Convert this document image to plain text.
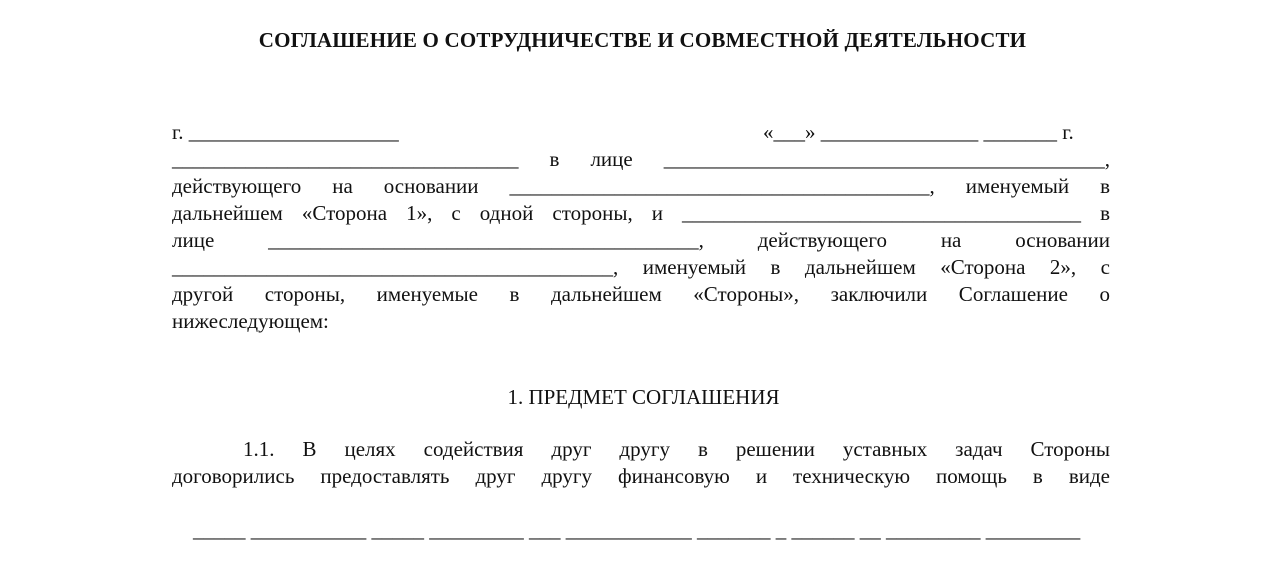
СОГЛАШЕНИЕ О СОТРУДНИЧЕСТВЕ И СОВМЕСТНОЙ ДЕЯТЕЛЬНОСТИ
г. ____________________	«___» _______________ _______ г.
_________________________________ в лице __________________________________________,
действующего на основании ________________________________________, именуемый в
дальнейшем «Сторона 1», с одной стороны, и ______________________________________ в
лице _________________________________________, действующего на основании
__________________________________________, именуемый в дальнейшем «Сторона 2», с
другой стороны, именуемые в дальнейшем «Стороны», заключили Соглашение о
нижеследующем:
1. ПРЕДМЕТ СОГЛАШЕНИЯ
1.1. В целях содействия друг другу в решении уставных задач Стороны
договорились предоставлять друг другу финансовую и техническую помощь в виде

_____ ___________ _____ _________ ___ ____________ _______ _ ______ __ _________ _________
